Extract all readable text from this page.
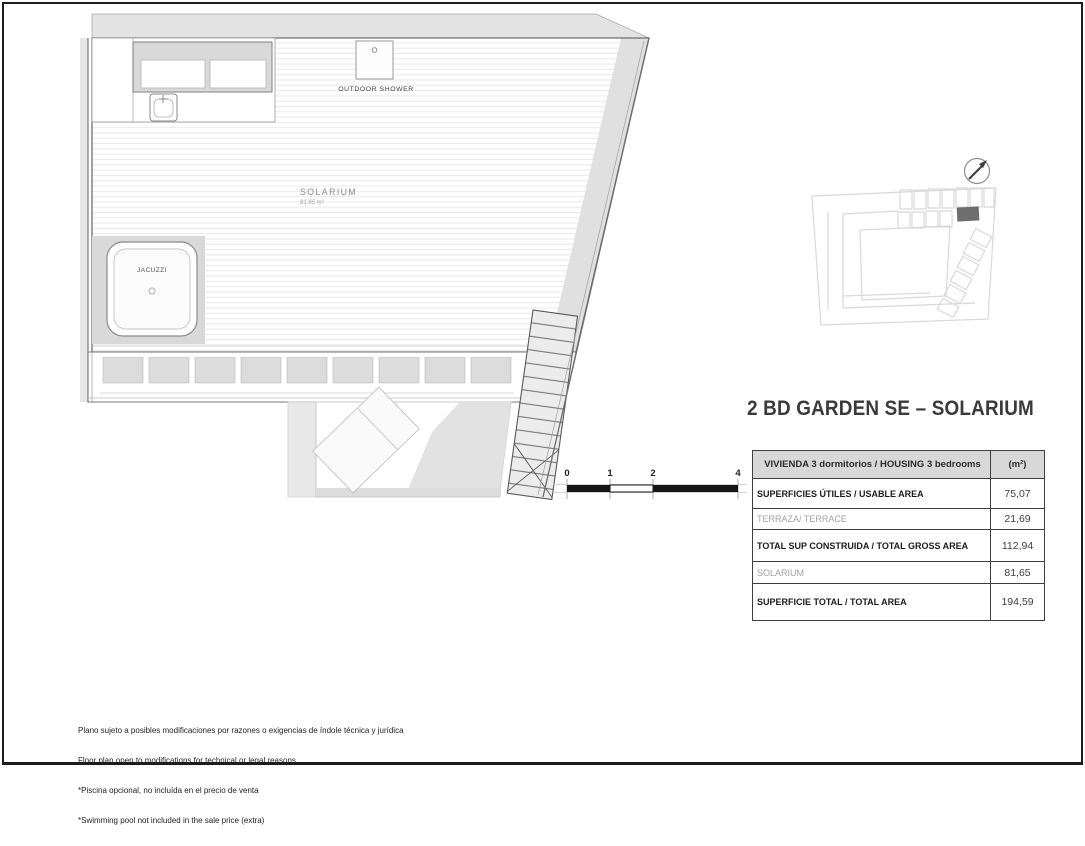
OUTDOOR SHOWER
SOLARIUM
81.65 m²
JACUZZI
0	1	2	4
2 BD GARDEN SE – SOLARIUM
VIVIENDA 3 dormitorios / HOUSING 3 bedrooms	(m²)
SUPERFICIES ÚTILES / USABLE AREA	75,07
TERRAZA/ TERRACE	21,69
TOTAL SUP CONSTRUIDA / TOTAL GROSS AREA	112,94
SOLARIUM	81,65
SUPERFICIE TOTAL / TOTAL AREA	194,59

Plano sujeto a posibles modificaciones por razones o exigencias de índole técnica y jurídica

Floor plan open to modifications for technical or legal reasons

*Piscina opcional, no incluída en el precio de venta

*Swimming pool not included in the sale price (extra)
